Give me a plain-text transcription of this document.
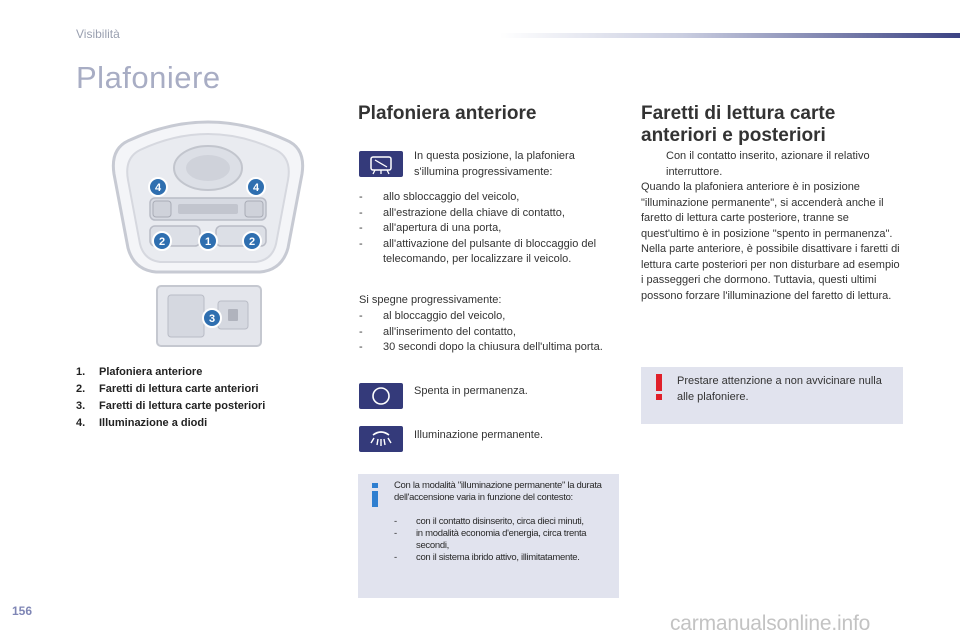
Visibilità
Plafoniere
4	4
2	1	2
3
1.	Plafoniera anteriore
2.	Faretti di lettura carte anteriori
3.	Faretti di lettura carte posteriori
4.	Illuminazione a diodi
Plafoniera anteriore
In questa posizione, la plafoniera s'illumina progressivamente:
- allo sbloccaggio del veicolo,
- all'estrazione della chiave di contatto,
- all'apertura di una porta,
- all'attivazione del pulsante di bloccaggio del telecomando, per localizzare il veicolo.
Si spegne progressivamente:
- al bloccaggio del veicolo,
- all'inserimento del contatto,
- 30 secondi dopo la chiusura dell'ultima porta.
Spenta in permanenza.
Illuminazione permanente.
Con la modalità "illuminazione permanente" la durata dell'accensione varia in funzione del contesto:
- con il contatto disinserito, circa dieci minuti,
- in modalità economia d'energia, circa trenta secondi,
- con il sistema ibrido attivo, illimitatamente.
Faretti di lettura carte anteriori e posteriori
Con il contatto inserito, azionare il relativo interruttore.
Quando la plafoniera anteriore è in posizione "illuminazione permanente", si accenderà anche il faretto di lettura carte posteriore, tranne se quest'ultimo è in posizione "spento in permanenza". Nella parte anteriore, è possibile disattivare i faretti di lettura carte posteriori per non disturbare ad esempio i passeggeri che dormono. Tuttavia, questi ultimi possono forzare l'illuminazione del faretto di lettura.
Prestare attenzione a non avvicinare nulla alle plafoniere.
156
carmanualsonline.info
